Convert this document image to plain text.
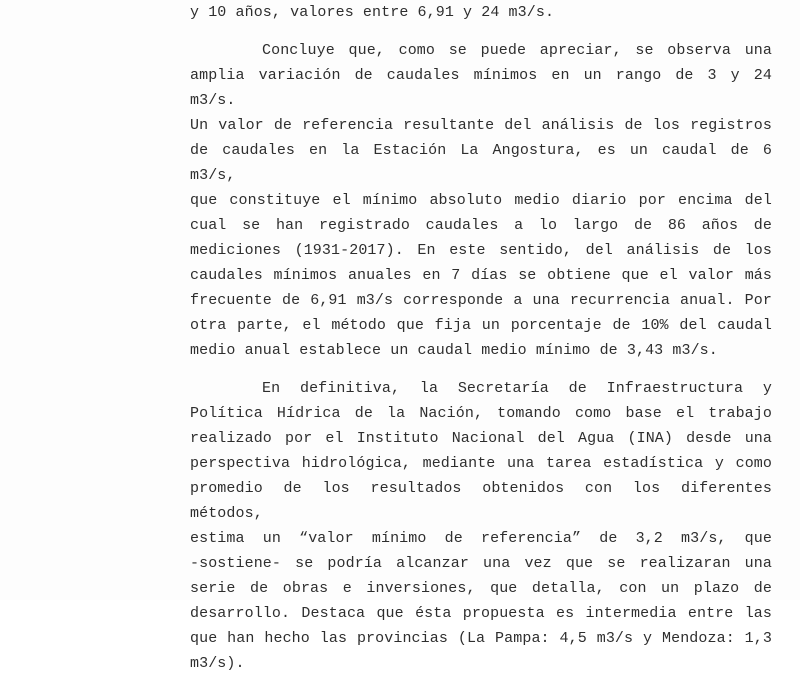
y 10 años, valores entre 6,91 y 24 m3/s.
Concluye que, como se puede apreciar, se observa una
amplia variación de caudales mínimos en un rango de 3 y 24 m3/s.
Un valor de referencia resultante del análisis de los registros
de caudales en la Estación La Angostura, es un caudal de 6 m3/s,
que constituye el mínimo absoluto medio diario por encima del
cual se han registrado caudales a lo largo de 86 años de
mediciones (1931-2017). En este sentido, del análisis de los
caudales mínimos anuales en 7 días se obtiene que el valor más
frecuente de 6,91 m3/s corresponde a una recurrencia anual. Por
otra parte, el método que fija un porcentaje de 10% del caudal
medio anual establece un caudal medio mínimo de 3,43 m3/s.
En definitiva, la Secretaría de Infraestructura y
Política Hídrica de la Nación, tomando como base el trabajo
realizado por el Instituto Nacional del Agua (INA) desde una
perspectiva hidrológica, mediante una tarea estadística y como
promedio de los resultados obtenidos con los diferentes métodos,
estima un “valor mínimo de referencia” de 3,2 m3/s, que
-sostiene- se podría alcanzar una vez que se realizaran una
serie de obras e inversiones, que detalla, con un plazo de
desarrollo. Destaca que ésta propuesta es intermedia entre las
que han hecho las provincias (La Pampa: 4,5 m3/s y Mendoza: 1,3
m3/s).
